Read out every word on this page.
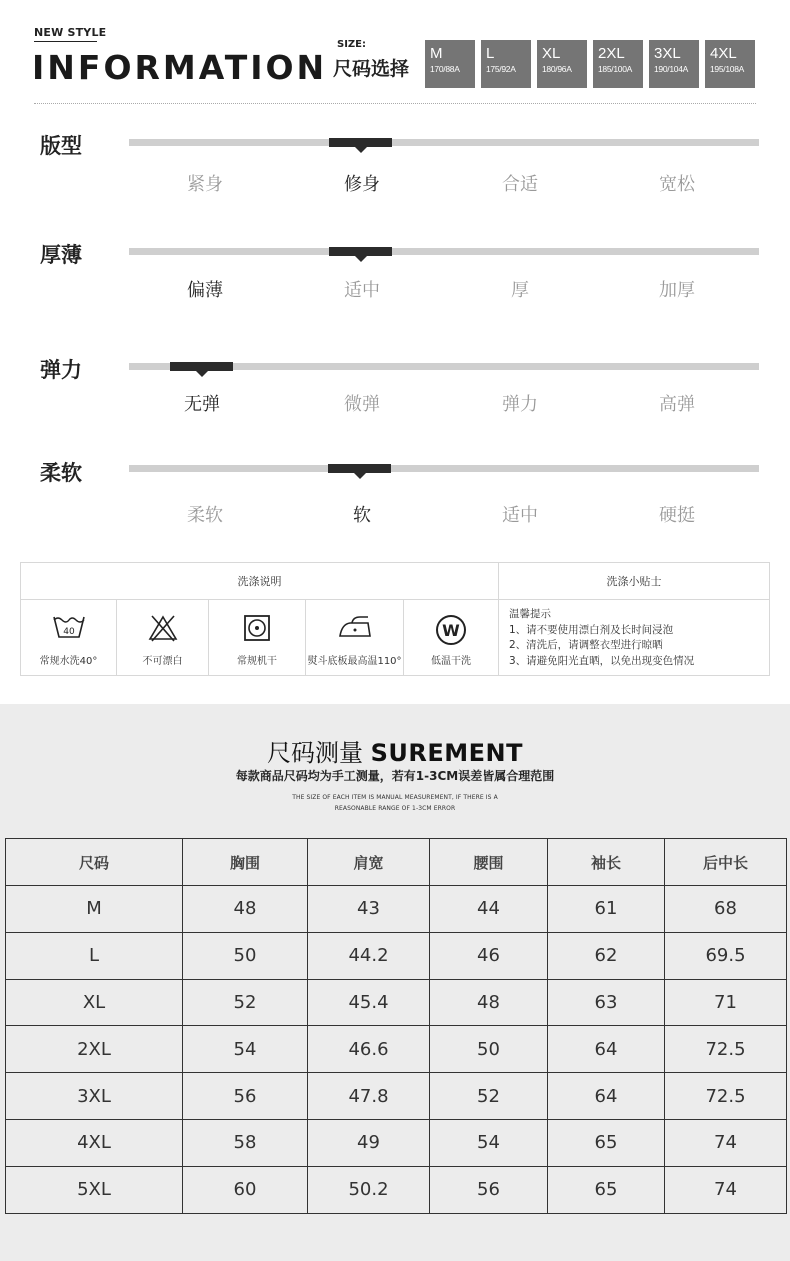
NEW STYLE
INFORMATION
SIZE:
尺码选择
M
170/88A
L
175/92A
XL
180/96A
2XL
185/100A
3XL
190/104A
4XL
195/108A
版型
紧身	修身	合适	宽松
厚薄
偏薄	适中	厚	加厚
弹力
无弹	微弹	弹力	高弹
柔软
柔软	软	适中	硬挺
洗涤说明	洗涤小贴士
40
常规水洗40°	不可漂白	常规机干	熨斗底板最高温110°
W
低温干洗
温馨提示
1、请不要使用漂白剂及长时间浸泡
2、清洗后，请调整衣型进行晾晒
3、请避免阳光直晒，以免出现变色情况
尺码测量 SUREMENT
每款商品尺码均为手工测量，若有1-3CM误差皆属合理范围
THE SIZE OF EACH ITEM IS MANUAL MEASUREMENT, IF THERE IS A
REASONABLE RANGE OF 1-3CM ERROR
尺码	胸围	肩宽	腰围	袖长	后中长
M	48	43	44	61	68
L	50	44.2	46	62	69.5
XL	52	45.4	48	63	71
2XL	54	46.6	50	64	72.5
3XL	56	47.8	52	64	72.5
4XL	58	49	54	65	74
5XL	60	50.2	56	65	74
